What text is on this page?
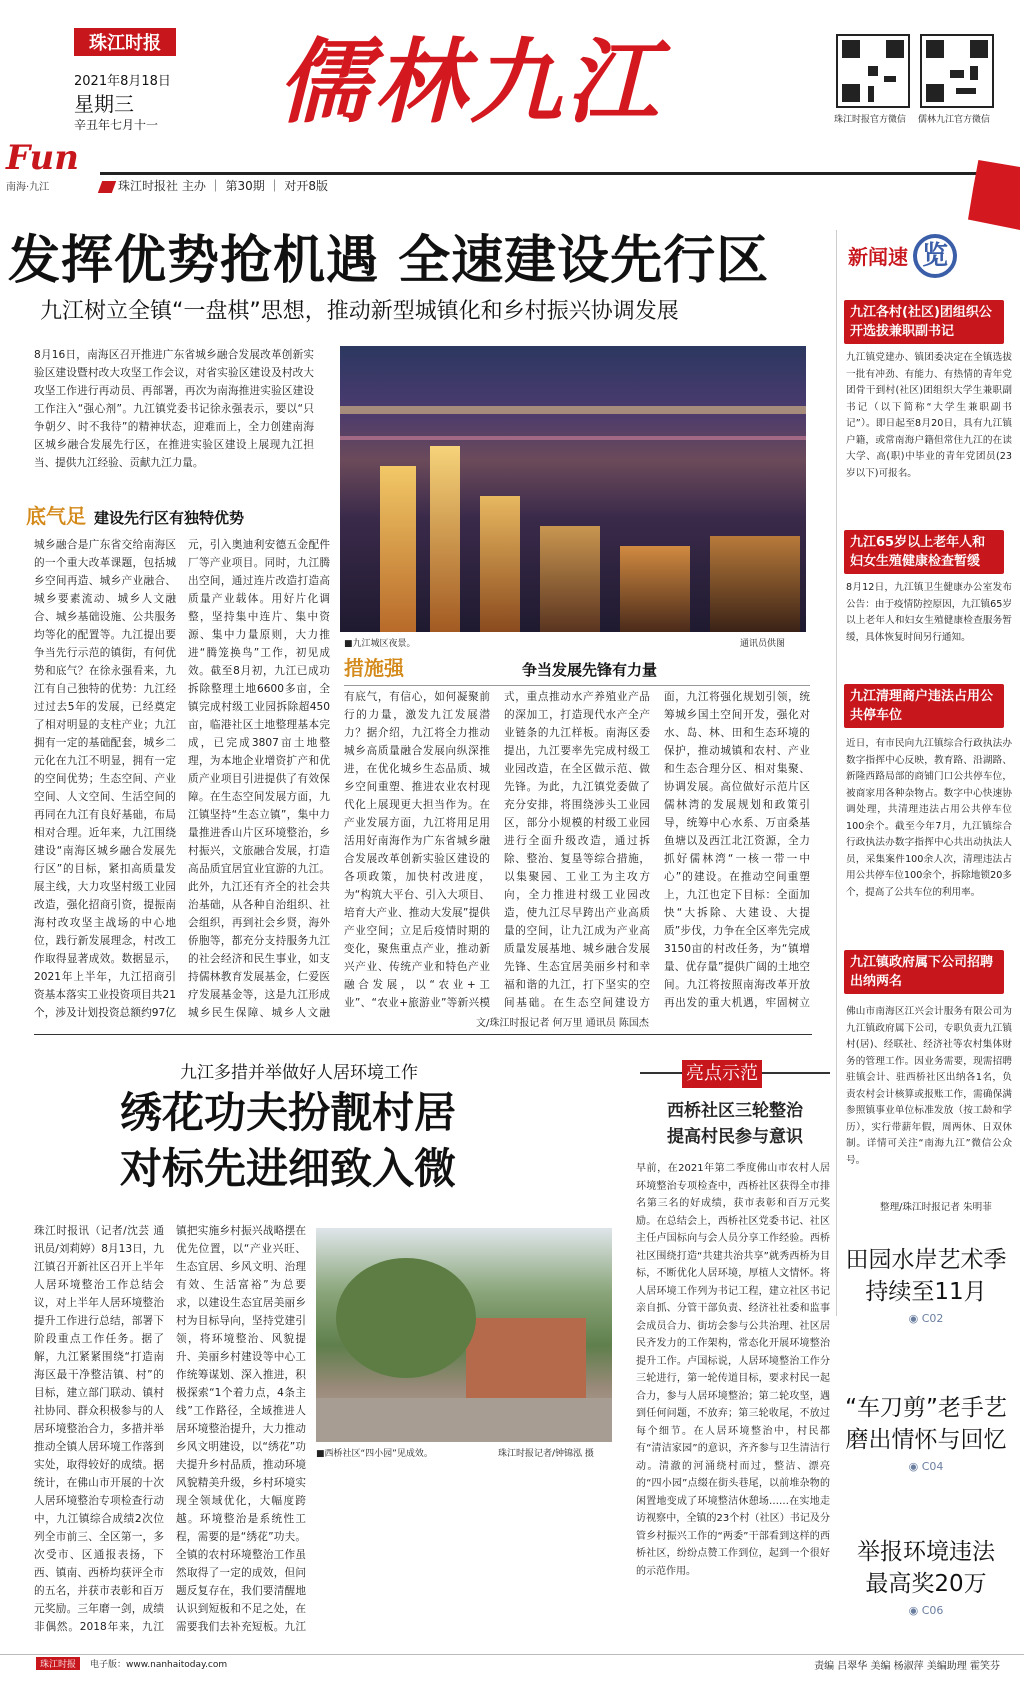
珠江时报
2021年8月18日
星期三
辛丑年七月十一 儒林九江	珠江时报官方微信 儒林九江官方微信
Fun
南海·九江	珠江时报社 主办 ｜ 第30期 ｜ 对开8版
发挥优势抢机遇 全速建设先行区
九江树立全镇“一盘棋”思想，推动新型城镇化和乡村振兴协调发展
8月16日，南海区召开推进广东省城乡融合发展改革创新实验区建设暨村改大攻坚工作会议，对省实验区建设及村改大攻坚工作进行再动员、再部署，再次为南海推进实验区建设工作注入“强心剂”。九江镇党委书记徐永强表示，要以“只争朝夕、时不我待”的精神状态，迎难而上，全力创建南海区城乡融合发展先行区，在推进实验区建设上展现九江担当、提供九江经验、贡献九江力量。
底气足 建设先行区有独特优势
城乡融合是广东省交给南海区的一个重大改革课题，包括城乡空间再造、城乡产业融合、城乡要素流动、城乡人文融合、城乡基础设施、公共服务均等化的配置等。九江提出要争当先行示范的镇街，有何优势和底气？在徐永强看来，九江有自己独特的优势：九江经过过去5年的发展，已经奠定了相对明显的支柱产业；九江拥有一定的基础配套，城乡二元化在九江不明显，拥有一定的空间优势；生态空间、产业空间、人文空间、生活空间的再同在九江有良好基础，布局相对合理。近年来，九江围绕建设“南海区城乡融合发展先行区”的目标，紧扣高质量发展主线，大力攻坚村级工业园改造，强化招商引资，提振南海村改攻坚主战场的中心地位，践行新发展理念，村改工作取得显著成效。数据显示，2021年上半年，九江招商引资基本落实工业投资项目共21个，涉及计划投资总额约97亿元，引入奥迪利安德五金配件厂等产业项目。同时，九江腾出空间，通过连片改造打造高质量产业载体。用好片化调整，坚持集中连片、集中资源、集中力量原则，大力推进“腾笼换鸟”工作，初见成效。截至8月初，九江已成功拆除整理土地6600多亩，全镇完成村级工业园拆除超450亩，临港社区土地整理基本完成，已完成3807亩土地整理，为本地企业增资扩产和优质产业项目引进提供了有效保障。在生态空间发展方面，九江镇坚持“生态立镇”，集中力量推进香山片区环境整治，乡村振兴，文旅融合发展，打造高品质宜居宜业宜游的九江。此外，九江还有齐全的社会共治基础，从各种自治组织、社会组织，再到社会乡贤，海外侨胞等，都充分支持服务九江的社会经济和民生事业，如支持儒林教育发展基金，仁爱医疗发展基金等，这是九江形成城乡民生保障、城乡人文融
■九江城区夜景。	通讯员供图
措施强	争当发展先锋有力量
有底气，有信心，如何凝聚前行的力量，激发九江发展潜力？据介绍，九江将全力推动城乡高质量融合发展向纵深推进，在优化城乡生态品质、城乡空间重塑、推进农业农村现代化上展现更大担当作为。在产业发展方面，九江将用足用活用好南海作为广东省城乡融合发展改革创新实验区建设的各项政策，加快村改进度，为“构筑大平台、引入大项目、培育大产业、推动大发展”提供产业空间；立足后疫情时期的变化，聚焦重点产业，推动新兴产业、传统产业和特色产业融合发展，以“农业+工业”、“农业+旅游业”等新兴模式，重点推动水产养殖业产品的深加工，打造现代水产全产业链条的九江样板。南海区委提出，九江要率先完成村级工业园改造，在全区做示范、做先锋。为此，九江镇党委做了充分安排，将围绕涉头工业园区，部分小规模的村级工业园进行全面升级改造，通过拆除、整治、复垦等综合措施，以集聚园、工业工为主攻方向，全力推进村级工业园改造，使九江尽早跨出产业高质量的空间，让九江成为产业高质量发展基地、城乡融合发展先锋、生态宜居美丽乡村和幸福和谐的九江，打下坚实的空间基础。在生态空间建设方面，九江将强化规划引领，统筹城乡国土空间开发，强化对水、岛、林、田和生态环境的保护，推动城镇和农村、产业和生态合理分区、相对集聚、协调发展。高位做好示范片区儒林湾的发展规划和政策引导，统筹中心水系、万亩桑基鱼塘以及西江北江资源，全力抓好儒林湾“一核一带一中心”的建设。在推动空间重塑上，九江也定下目标：全面加快“大拆除、大建设、大提质”步伐，力争在全区率先完成3150亩的村改任务，为“镇增量、优存量”提供广阔的土地空间。九江将按照南海改革开放再出发的重大机遇，牢固树立
文/珠江时报记者 何万里 通讯员 陈国杰
九江多措并举做好人居环境工作
绣花功夫扮靓村居
对标先进细致入微
珠江时报讯（记者/沈芸 通讯员/刘莉婷）8月13日，九江镇召开新社区召开上半年人居环境整治工作总结会议，对上半年人居环境整治提升工作进行总结，部署下阶段重点工作任务。据了解，九江紧紧围绕“打造南海区最干净整洁镇、村”的目标，建立部门联动、镇村社协同、群众积极参与的人居环境整治合力，多措并举推动全镇人居环境工作落到实处，取得较好的成绩。据统计，在佛山市开展的十次人居环境整治专项检查行动中，九江镇综合成绩2次位列全市前三、全区第一，多次受市、区通报表扬，下西、镇南、西桥均获评全市的五名，并获市表彰和百万元奖励。三年磨一剑，成绩非偶然。2018年来，九江镇把实施乡村振兴战略摆在优先位置，以“产业兴旺、生态宜居、乡风文明、治理有效、生活富裕”为总要求，以建设生态宜居美丽乡村为目标导向，坚持党建引领，将环境整治、风貌提升、美丽乡村建设等中心工作统筹谋划、深入推进，积极探索“1个着力点，4条主线”工作路径，全域推进人居环境整治提升，大力推动乡风文明建设，以“绣花”功夫提升乡村品质，推动环境风貌精美升级，乡村环境实现全领域优化，大幅度跨越。环境整治是系统性工程，需要的是“绣花”功夫。全镇的农村环境整治工作虽然取得了一定的成效，但问题反复存在，我们要清醒地认识到短板和不足之处，在需要我们去补充短板。九江
■西桥社区“四小园”见成效。	珠江时报记者/钟锦泓 摄
亮点示范
西桥社区三轮整治
提高村民参与意识
早前，在2021年第二季度佛山市农村人居环境整治专项检查中，西桥社区获得全市排名第三名的好成绩，获市表彰和百万元奖励。在总结会上，西桥社区党委书记、社区主任卢国标向与会人员分享工作经验。西桥社区围绕打造“共建共治共享”就秀西桥为目标，不断优化人居环境，厚植人文情怀。将人居环境工作列为书记工程，建立社区书记亲自抓、分管干部负责、经济社社委和监事会成员合力、街坊会参与公共治理、社区居民齐发力的工作架构，常态化开展环境整治提升工作。卢国标说，人居环境整治工作分三轮进行，第一轮传道目标，要求村民一起合力，参与人居环境整治；第二轮攻坚，遇到任何问题，不放弃；第三轮收尾，不放过每个细节。在人居环境整治中，村民都有“清洁家园”的意识，齐齐参与卫生清洁行动。清澈的河涌绕村而过，整洁、漂亮的“四小园”点缀在街头巷尾，以前堆杂物的闲置地变成了环境整洁休憩场……在实地走访视察中，全镇的23个村（社区）书记及分管乡村振兴工作的“两委”干部看到这样的西桥社区，纷纷点赞工作到位，起到一个很好的示范作用。
新闻速 览
九江各村(社区)团组织公开选拔兼职副书记
九江镇党建办、镇团委决定在全镇选拔一批有冲劲、有能力、有热情的青年党团骨干到村(社区)团组织大学生兼职副书记（以下简称“大学生兼职副书记”）。即日起至8月20日，具有九江镇户籍，或常南海户籍但常住九江的在读大学、高(职)中毕业的青年党团员(23岁以下)可报名。
九江65岁以上老年人和妇女生殖健康检查暂缓
8月12日，九江镇卫生健康办公室发布公告：由于疫情防控原因，九江镇65岁以上老年人和妇女生殖健康检查服务暂缓，具体恢复时间另行通知。
九江清理商户违法占用公共停车位
近日，有市民向九江镇综合行政执法办数字指挥中心反映，教育路、沿湖路、新隆西路局部的商铺门口公共停车位，被商家用各种杂物占。数字中心快速协调处理，共清理违法占用公共停车位100余个。截至今年7月，九江镇综合行政执法办数字指挥中心共出动执法人员，采集案件100余人次，清理违法占用公共停车位100余个，拆除地锁20多个，提高了公共车位的利用率。
九江镇政府属下公司招聘出纳两名
佛山市南海区江兴会计服务有限公司为九江镇政府属下公司，专职负责九江镇村(居)、经联社、经济社等农村集体财务的管理工作。因业务需要，现需招聘驻镇会计、驻西桥社区出纳各1名，负责农村会计核算或报账工作，需确保满参照镇事业单位标准发放（按工龄和学历），实行带薪年假，周两休、日双休制。详情可关注“南海九江”微信公众号。
整理/珠江时报记者 朱明菲
田园水岸艺术季
持续至11月
◉ C02
“车刀剪”老手艺
磨出情怀与回忆
◉ C04
举报环境违法
最高奖20万
◉ C06
珠江时报	电子版：www.nanhaitoday.com	责编 吕翠华 美编 杨淑萍 美编助理 霍笑芬
